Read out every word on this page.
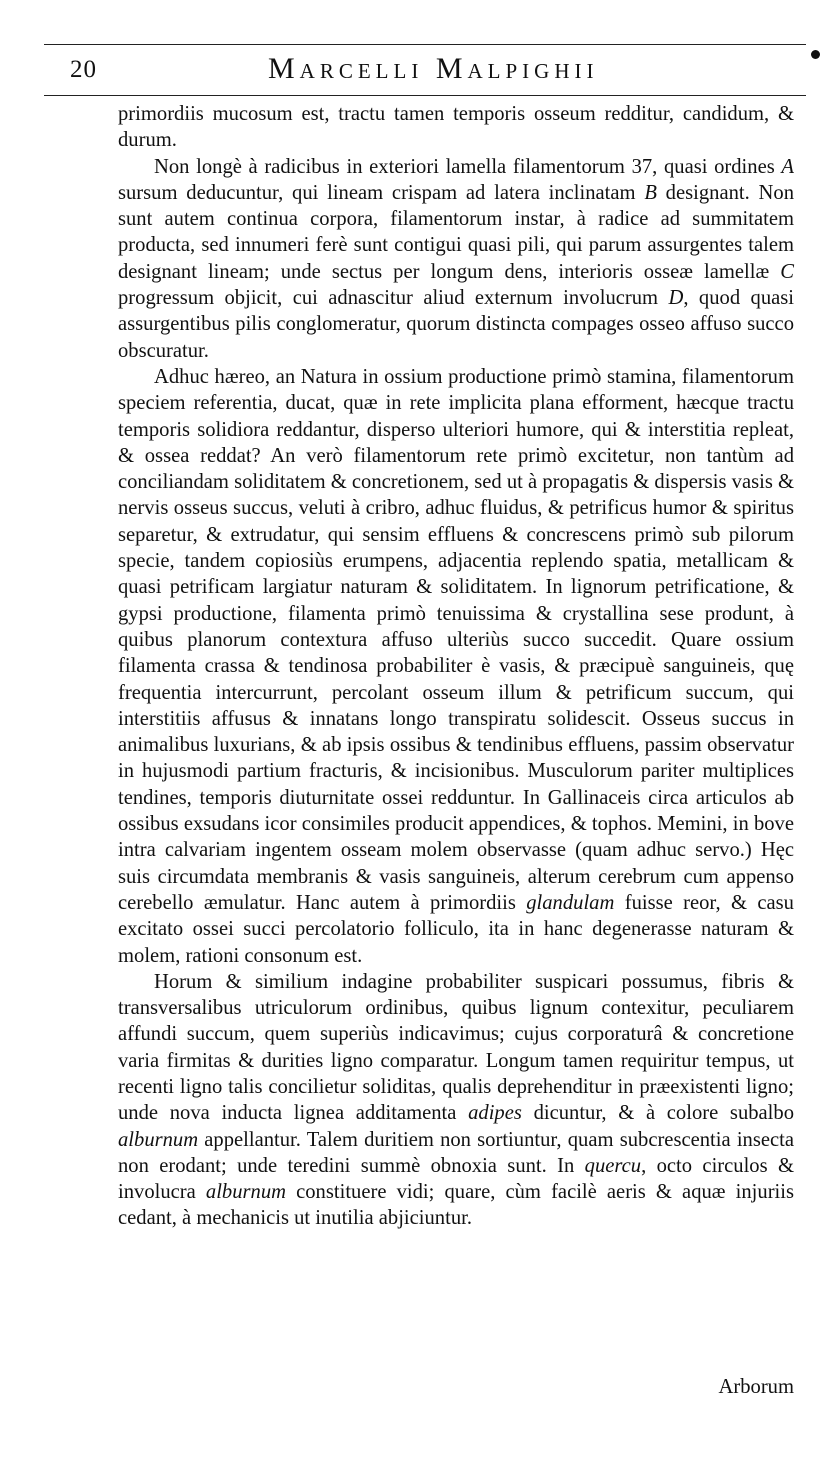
20	Marcelli Malpighii

primordiis mucosum est, tractu tamen temporis osseum redditur, candidum, & durum.

Non longè à radicibus in exteriori lamella filamentorum 37, quasi ordines A sursum deducuntur, qui lineam crispam ad latera inclinatam B designant. Non sunt autem continua corpora, filamentorum instar, à radice ad summitatem producta, sed innumeri ferè sunt contigui quasi pili, qui parum assurgentes talem designant lineam; unde sectus per longum dens, interioris osseæ lamellæ C progressum objicit, cui adnascitur aliud externum involucrum D, quod quasi assurgentibus pilis conglomeratur, quorum distincta compages osseo affuso succo obscuratur.

Adhuc hæreo, an Natura in ossium productione primò stamina, filamentorum speciem referentia, ducat, quæ in rete implicita plana efforment, hæcque tractu temporis solidiora reddantur, disperso ulteriori humore, qui & interstitia repleat, & ossea reddat? An verò filamentorum rete primò excitetur, non tantùm ad conciliandam soliditatem & concretionem, sed ut à propagatis & dispersis vasis & nervis osseus succus, veluti à cribro, adhuc fluidus, & petrificus humor & spiritus separetur, & extrudatur, qui sensim effluens & concrescens primò sub pilorum specie, tandem copiosiùs erumpens, adjacentia replendo spatia, metallicam & quasi petrificam largiatur naturam & soliditatem. In lignorum petrificatione, & gypsi productione, filamenta primò tenuissima & crystallina sese produnt, à quibus planorum contextura affuso ulteriùs succo succedit. Quare ossium filamenta crassa & tendinosa probabiliter è vasis, & præcipuè sanguineis, quę frequentia intercurrunt, percolant osseum illum & petrificum succum, qui interstitiis affusus & innatans longo transpiratu solidescit. Osseus succus in animalibus luxurians, & ab ipsis ossibus & tendinibus effluens, passim observatur in hujusmodi partium fracturis, & incisionibus. Musculorum pariter multiplices tendines, temporis diuturnitate ossei redduntur. In Gallinaceis circa articulos ab ossibus exsudans icor consimiles producit appendices, & tophos. Memini, in bove intra calvariam ingentem osseam molem observasse (quam adhuc servo.) Hęc suis circumdata membranis & vasis sanguineis, alterum cerebrum cum appenso cerebello æmulatur. Hanc autem à primordiis glandulam fuisse reor, & casu excitato ossei succi percolatorio folliculo, ita in hanc degenerasse naturam & molem, rationi consonum est.

Horum & similium indagine probabiliter suspicari possumus, fibris & transversalibus utriculorum ordinibus, quibus lignum contexitur, peculiarem affundi succum, quem superiùs indicavimus; cujus corporaturâ & concretione varia firmitas & durities ligno comparatur. Longum tamen requiritur tempus, ut recenti ligno talis concilietur soliditas, qualis deprehenditur in præexistenti ligno; unde nova inducta lignea additamenta adipes dicuntur, & à colore subalbo alburnum appellantur. Talem duritiem non sortiuntur, quam subcrescentia insecta non erodant; unde teredini summè obnoxia sunt. In quercu, octo circulos & involucra alburnum constituere vidi; quare, cùm facilè aeris & aquæ injuriis cedant, à mechanicis ut inutilia abjiciuntur.

Arborum
